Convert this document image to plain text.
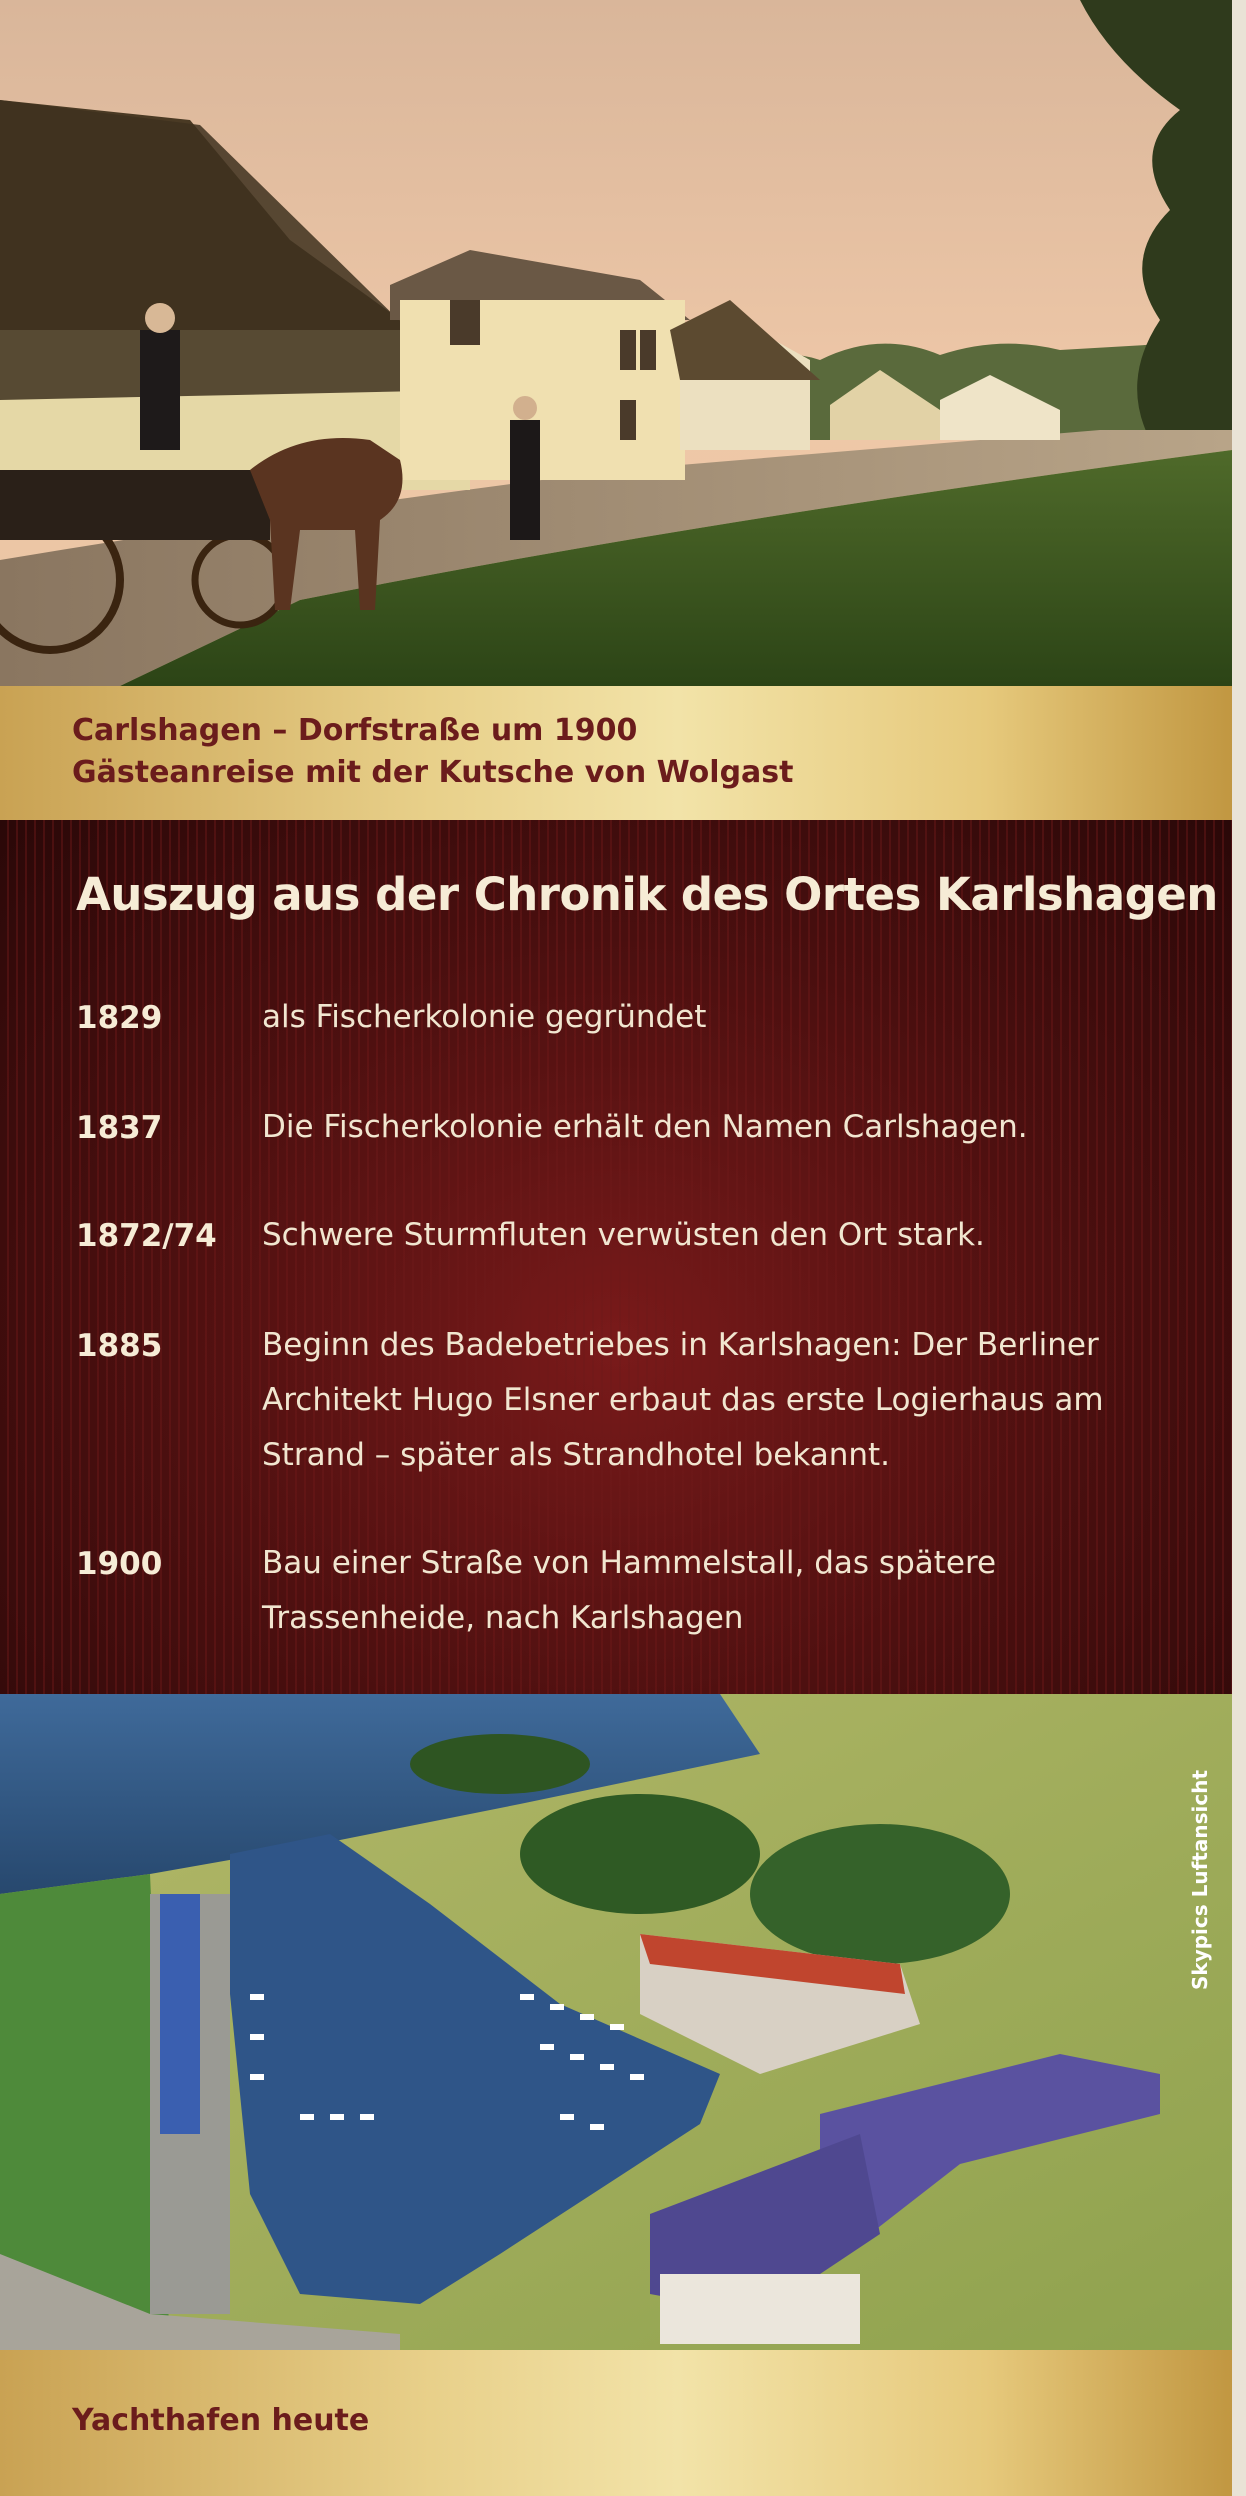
Carlshagen – Dorfstraße um 1900
Gästeanreise mit der Kutsche von Wolgast
Auszug aus der Chronik des Ortes Karlshagen
1829	als Fischerkolonie gegründet
1837	Die Fischerkolonie erhält den Namen Carlshagen.
1872/74	Schwere Sturmfluten verwüsten den Ort stark.
1885	Beginn des Badebetriebes in Karlshagen: Der Berliner Architekt Hugo Elsner erbaut das erste Logierhaus am Strand – später als Strandhotel bekannt.
1900	Bau einer Straße von Hammelstall, das spätere Trassenheide, nach Karlshagen
Skypics Luftansicht
Yachthafen heute
